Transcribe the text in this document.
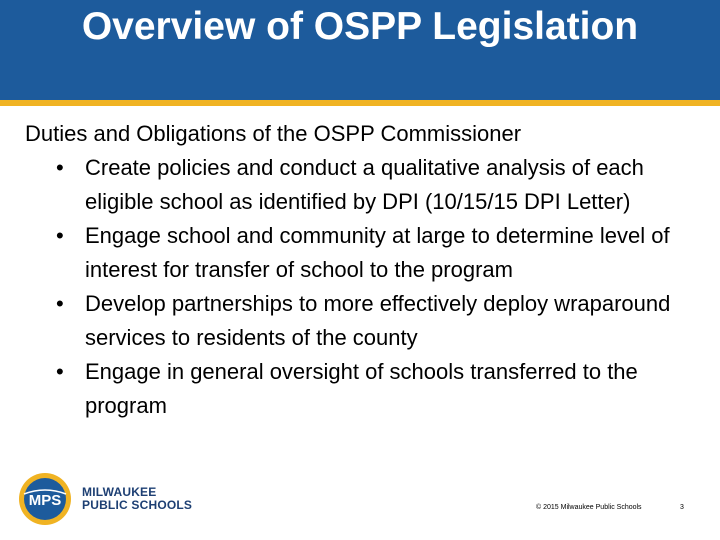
Overview of OSPP Legislation
Duties and Obligations of the OSPP Commissioner
• Create policies and conduct a qualitative analysis of each eligible school as identified by DPI (10/15/15 DPI Letter)
• Engage school and community at large to determine level of interest for transfer of school to the program
• Develop partnerships to more effectively deploy wraparound services to residents of the county
• Engage in general oversight of schools transferred to the program
MPS MILWAUKEE
PUBLIC SCHOOLS	© 2015 Milwaukee Public Schools	3
